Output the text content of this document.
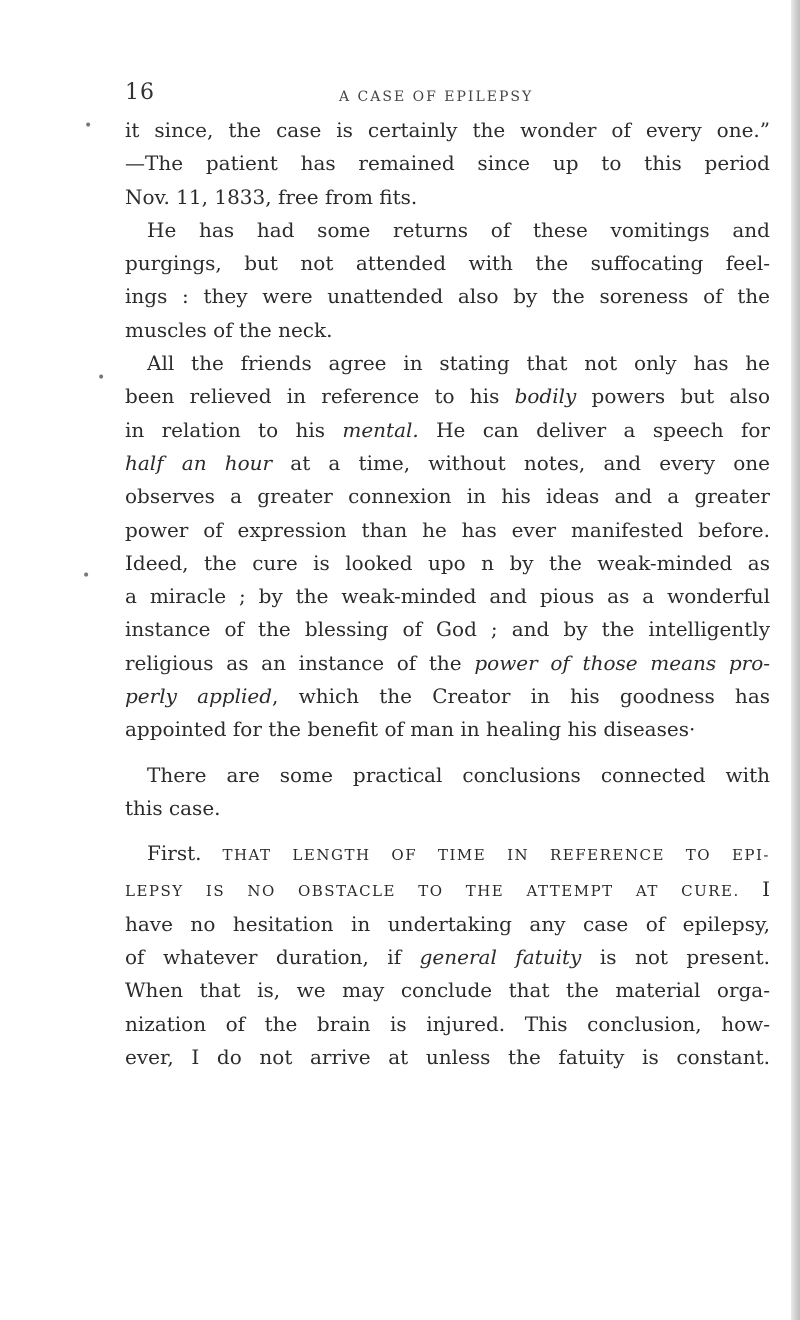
16	A CASE OF EPILEPSY
•
•
•
it since, the case is certainly the wonder of every one.”
—The patient has remained since up to this period
Nov. 11, 1833, free from fits.
He has had some returns of these vomitings and
purgings, but not attended with the suffocating feel-
ings : they were unattended also by the soreness of the
muscles of the neck.
All the friends agree in stating that not only has he
been relieved in reference to his bodily powers but also
in relation to his mental. He can deliver a speech for
half an hour at a time, without notes, and every one
observes a greater connexion in his ideas and a greater
power of expression than he has ever manifested before.
Ideed, the cure is looked upo n by the weak-minded as
a miracle ; by the weak-minded and pious as a wonderful
instance of the blessing of God ; and by the intelligently
religious as an instance of the power of those means pro-
perly applied, which the Creator in his goodness has
appointed for the benefit of man in healing his diseases·
There are some practical conclusions connected with
this case.
First. THAT LENGTH OF TIME IN REFERENCE TO EPI-
LEPSY IS NO OBSTACLE TO THE ATTEMPT AT CURE. I
have no hesitation in undertaking any case of epilepsy,
of whatever duration, if general fatuity is not present.
When that is, we may conclude that the material orga-
nization of the brain is injured. This conclusion, how-
ever, I do not arrive at unless the fatuity is constant.
